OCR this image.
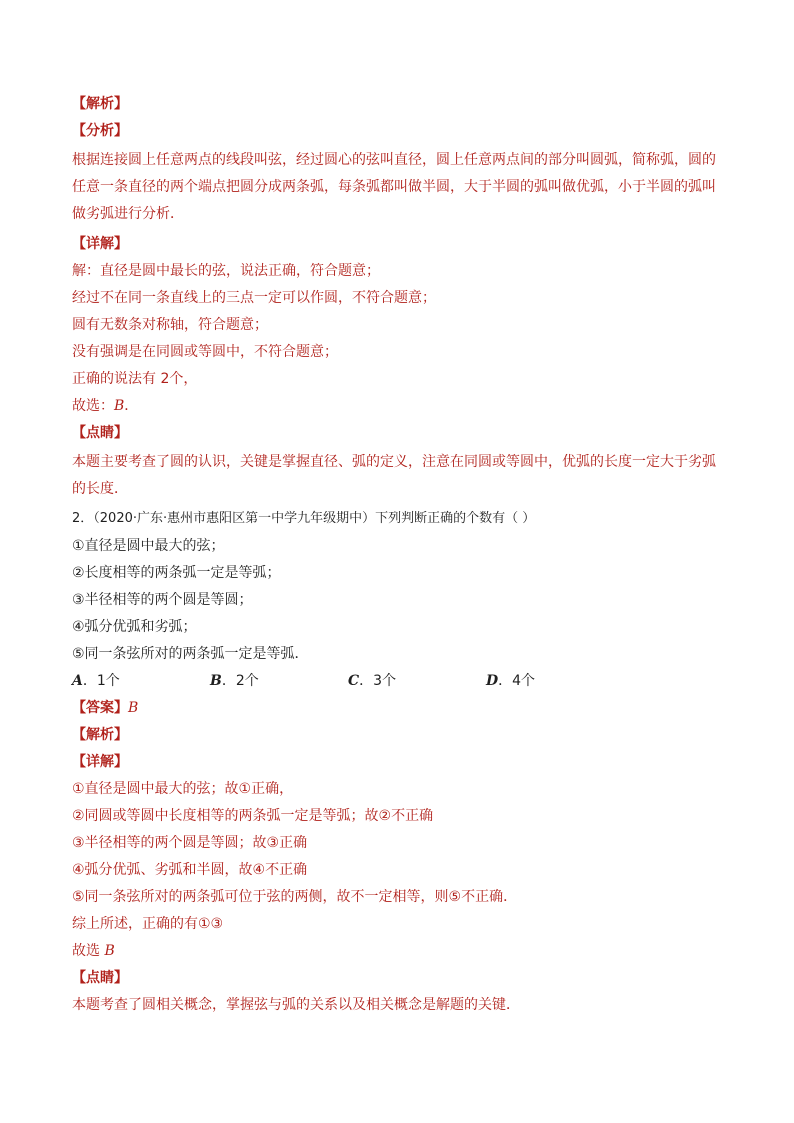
【解析】
【分析】
根据连接圆上任意两点的线段叫弦，经过圆心的弦叫直径，圆上任意两点间的部分叫圆弧，简称弧，圆的
任意一条直径的两个端点把圆分成两条弧，每条弧都叫做半圆，大于半圆的弧叫做优弧，小于半圆的弧叫
做劣弧进行分析．
【详解】
解：直径是圆中最长的弦，说法正确，符合题意；
经过不在同一条直线上的三点一定可以作圆，不符合题意；
圆有无数条对称轴，符合题意；
没有强调是在同圆或等圆中，不符合题意；
正确的说法有 2个，
故选：B．
【点睛】
本题主要考查了圆的认识，关键是掌握直径、弧的定义，注意在同圆或等圆中，优弧的长度一定大于劣弧
的长度．
2．（2020·广东·惠州市惠阳区第一中学九年级期中）下列判断正确的个数有（ ）
①直径是圆中最大的弦；
②长度相等的两条弧一定是等弧；
③半径相等的两个圆是等圆；
④弧分优弧和劣弧；
⑤同一条弦所对的两条弧一定是等弧．
A．1个	B．2个	C．3个	D．4个
【答案】B
【解析】
【详解】
①直径是圆中最大的弦；故①正确，
②同圆或等圆中长度相等的两条弧一定是等弧；故②不正确
③半径相等的两个圆是等圆；故③正确
④弧分优弧、劣弧和半圆，故④不正确
⑤同一条弦所对的两条弧可位于弦的两侧，故不一定相等，则⑤不正确．
综上所述，正确的有①③
故选 B
【点睛】
本题考查了圆相关概念，掌握弦与弧的关系以及相关概念是解题的关键．
